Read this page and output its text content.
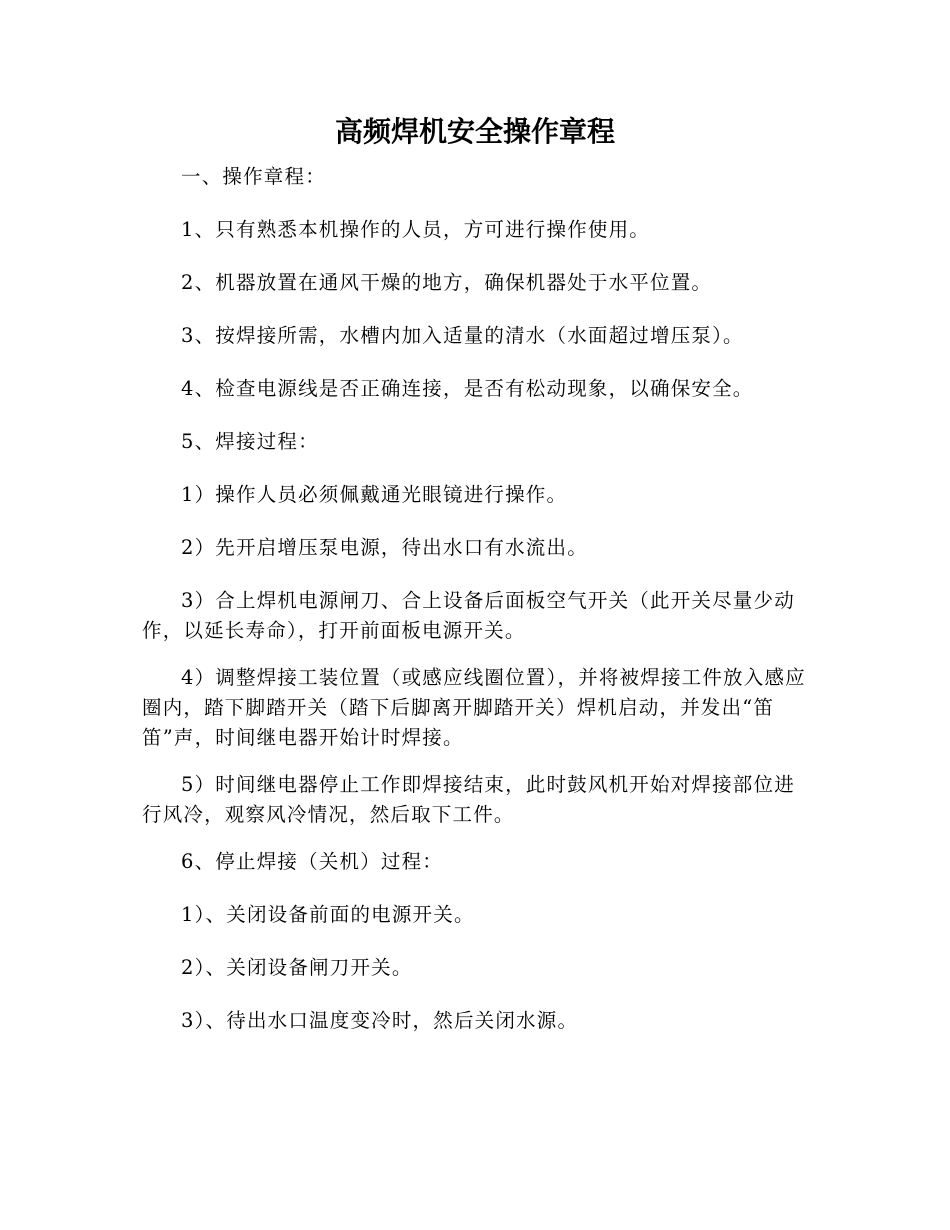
高频焊机安全操作章程

一、操作章程：

1、只有熟悉本机操作的人员，方可进行操作使用。

2、机器放置在通风干燥的地方，确保机器处于水平位置。

3、按焊接所需，水槽内加入适量的清水（水面超过增压泵）。

4、检查电源线是否正确连接，是否有松动现象，以确保安全。

5、焊接过程：

1）操作人员必须佩戴通光眼镜进行操作。

2）先开启增压泵电源，待出水口有水流出。

3）合上焊机电源闸刀、合上设备后面板空气开关（此开关尽量少动作，以延长寿命），打开前面板电源开关。

4）调整焊接工装位置（或感应线圈位置），并将被焊接工件放入感应圈内，踏下脚踏开关（踏下后脚离开脚踏开关）焊机启动，并发出“笛笛”声，时间继电器开始计时焊接。

5）时间继电器停止工作即焊接结束，此时鼓风机开始对焊接部位进行风冷，观察风冷情况，然后取下工件。

6、停止焊接（关机）过程：

1）、关闭设备前面的电源开关。

2）、关闭设备闸刀开关。

3）、待出水口温度变冷时，然后关闭水源。
